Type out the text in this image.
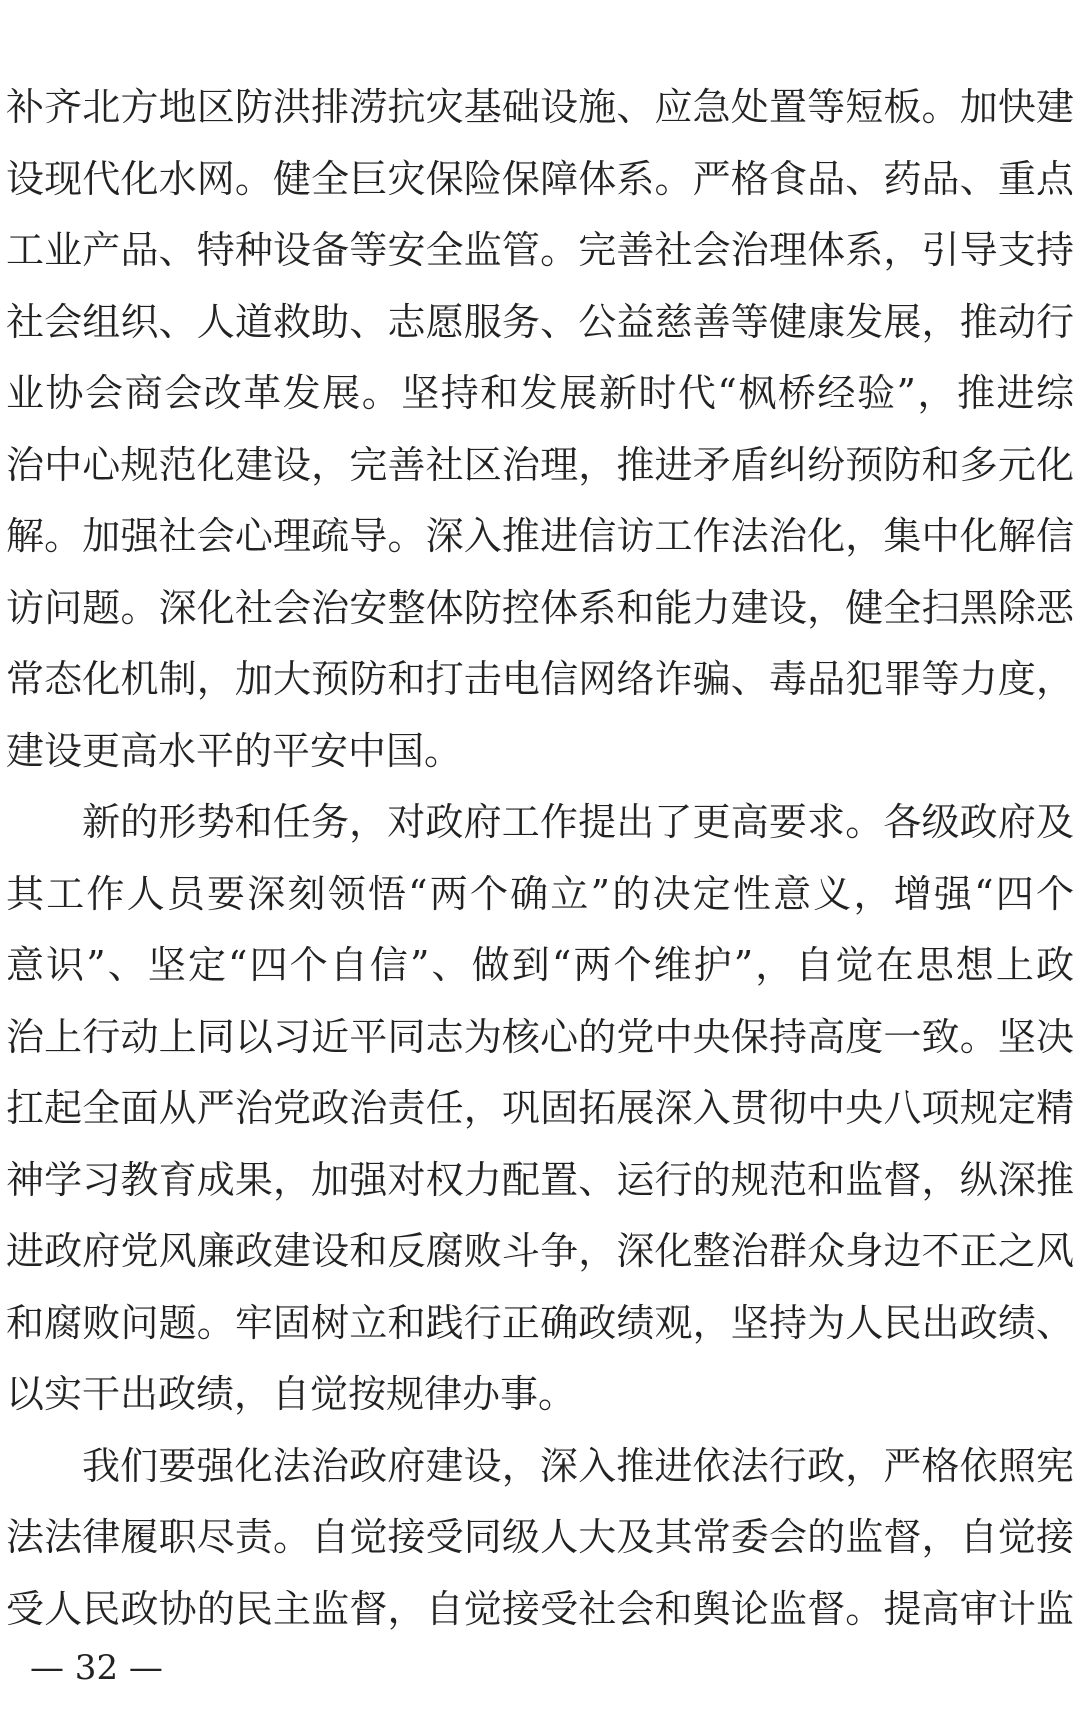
补齐北方地区防洪排涝抗灾基础设施、应急处置等短板。加快建
设现代化水网。健全巨灾保险保障体系。严格食品、药品、重点
工业产品、特种设备等安全监管。完善社会治理体系，引导支持
社会组织、人道救助、志愿服务、公益慈善等健康发展，推动行
业协会商会改革发展。坚持和发展新时代“枫桥经验”，推进综
治中心规范化建设，完善社区治理，推进矛盾纠纷预防和多元化
解。加强社会心理疏导。深入推进信访工作法治化，集中化解信
访问题。深化社会治安整体防控体系和能力建设，健全扫黑除恶
常态化机制，加大预防和打击电信网络诈骗、毒品犯罪等力度，
建设更高水平的平安中国。
新的形势和任务，对政府工作提出了更高要求。各级政府及
其工作人员要深刻领悟“两个确立”的决定性意义，增强“四个
意识”、坚定“四个自信”、做到“两个维护”，自觉在思想上政
治上行动上同以习近平同志为核心的党中央保持高度一致。坚决
扛起全面从严治党政治责任，巩固拓展深入贯彻中央八项规定精
神学习教育成果，加强对权力配置、运行的规范和监督，纵深推
进政府党风廉政建设和反腐败斗争，深化整治群众身边不正之风
和腐败问题。牢固树立和践行正确政绩观，坚持为人民出政绩、
以实干出政绩，自觉按规律办事。
我们要强化法治政府建设，深入推进依法行政，严格依照宪
法法律履职尽责。自觉接受同级人大及其常委会的监督，自觉接
受人民政协的民主监督，自觉接受社会和舆论监督。提高审计监
— 32 —
